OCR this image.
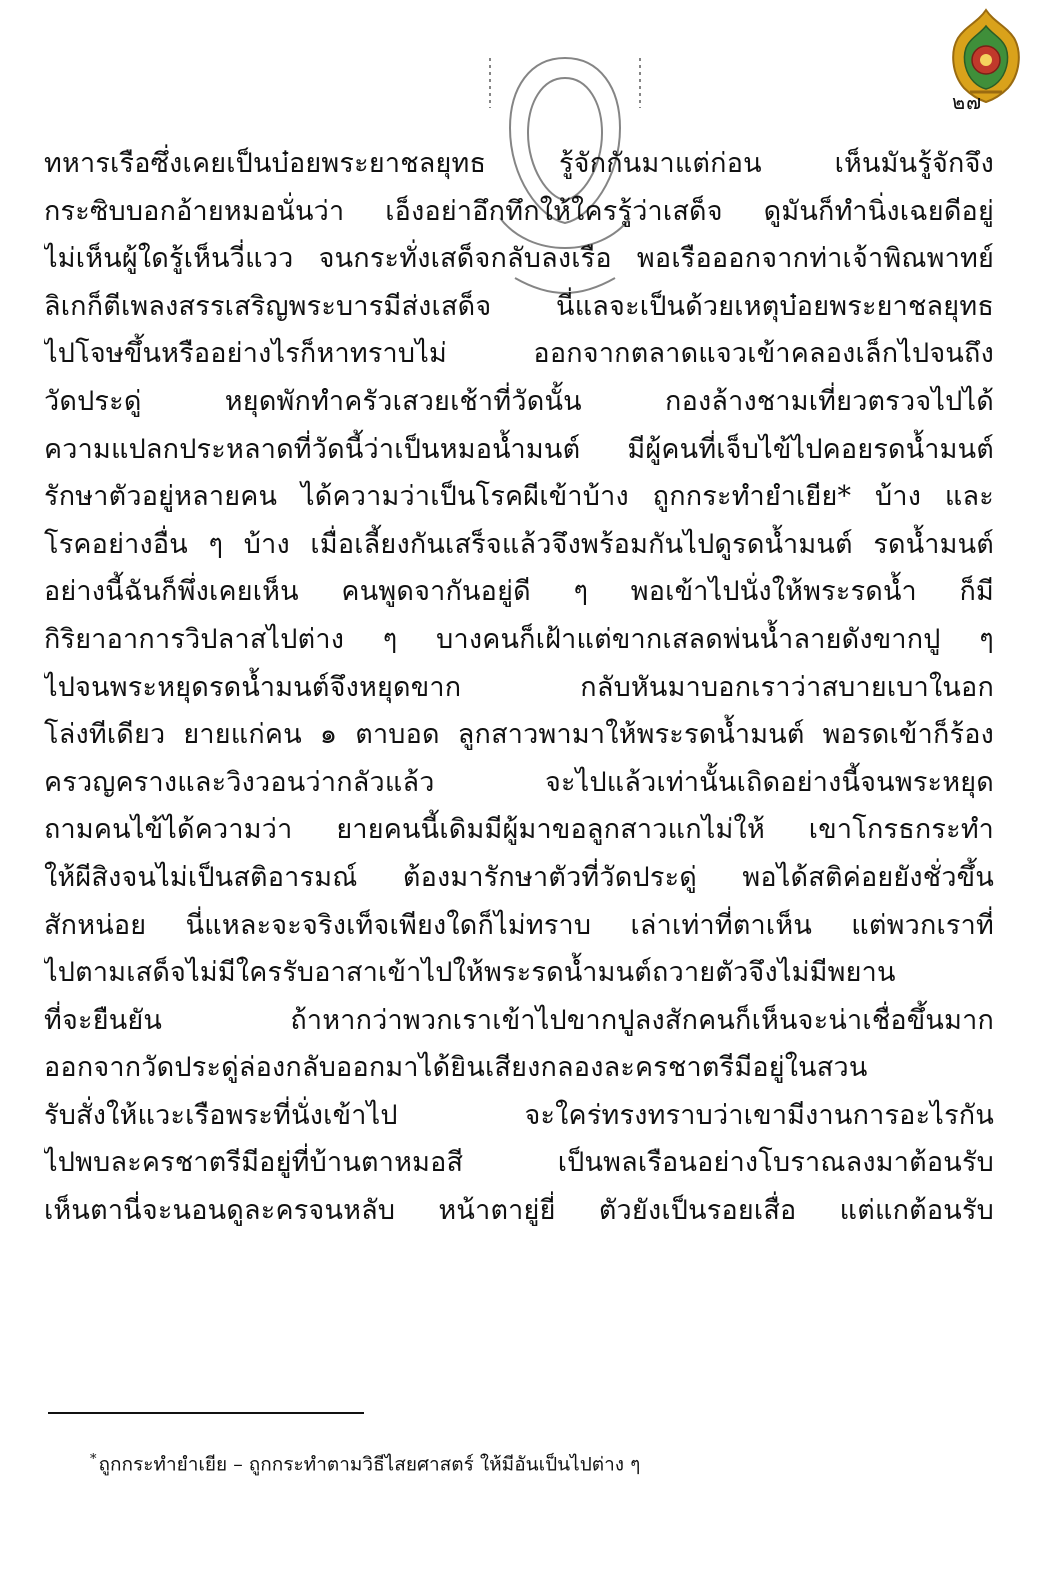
๒๗
ทหารเรือซึ่งเคยเป็นบ๋อยพระยาชลยุทธ รู้จักกันมาแต่ก่อน เห็นมันรู้จักจึง
กระซิบบอกอ้ายหมอนั่นว่า เอ็งอย่าอึกทึกให้ใครรู้ว่าเสด็จ ดูมันก็ทำนิ่งเฉยดีอยู่
ไม่เห็นผู้ใดรู้เห็นวี่แวว จนกระทั่งเสด็จกลับลงเรือ พอเรือออกจากท่าเจ้าพิณพาทย์
ลิเกก็ตีเพลงสรรเสริญพระบารมีส่งเสด็จ นี่แลจะเป็นด้วยเหตุบ๋อยพระยาชลยุทธ
ไปโจษขึ้นหรืออย่างไรก็หาทราบไม่ ออกจากตลาดแจวเข้าคลองเล็กไปจนถึง
วัดประดู่ หยุดพักทำครัวเสวยเช้าที่วัดนั้น กองล้างชามเที่ยวตรวจไปได้
ความแปลกประหลาดที่วัดนี้ว่าเป็นหมอน้ำมนต์ มีผู้คนที่เจ็บไข้ไปคอยรดน้ำมนต์
รักษาตัวอยู่หลายคน ได้ความว่าเป็นโรคผีเข้าบ้าง ถูกกระทำยำเยีย* บ้าง และ
โรคอย่างอื่น ๆ บ้าง เมื่อเลี้ยงกันเสร็จแล้วจึงพร้อมกันไปดูรดน้ำมนต์ รดน้ำมนต์
อย่างนี้ฉันก็พึ่งเคยเห็น คนพูดจากันอยู่ดี ๆ พอเข้าไปนั่งให้พระรดน้ำ ก็มี
กิริยาอาการวิปลาสไปต่าง ๆ บางคนก็เฝ้าแต่ขากเสลดพ่นน้ำลายดังขากปู ๆ
ไปจนพระหยุดรดน้ำมนต์จึงหยุดขาก กลับหันมาบอกเราว่าสบายเบาในอก
โล่งทีเดียว ยายแก่คน ๑ ตาบอด ลูกสาวพามาให้พระรดน้ำมนต์ พอรดเข้าก็ร้อง
ครวญครางและวิงวอนว่ากลัวแล้ว จะไปแล้วเท่านั้นเถิดอย่างนี้จนพระหยุด
ถามคนไข้ได้ความว่า ยายคนนี้เดิมมีผู้มาขอลูกสาวแกไม่ให้ เขาโกรธกระทำ
ให้ผีสิงจนไม่เป็นสติอารมณ์ ต้องมารักษาตัวที่วัดประดู่ พอได้สติค่อยยังชั่วขึ้น
สักหน่อย นี่แหละจะจริงเท็จเพียงใดก็ไม่ทราบ เล่าเท่าที่ตาเห็น แต่พวกเราที่
ไปตามเสด็จไม่มีใครรับอาสาเข้าไปให้พระรดน้ำมนต์ถวายตัวจึงไม่มีพยาน
ที่จะยืนยัน ถ้าหากว่าพวกเราเข้าไปขากปูลงสักคนก็เห็นจะน่าเชื่อขึ้นมาก
ออกจากวัดประดู่ล่องกลับออกมาได้ยินเสียงกลองละครชาตรีมีอยู่ในสวน
รับสั่งให้แวะเรือพระที่นั่งเข้าไป จะใคร่ทรงทราบว่าเขามีงานการอะไรกัน
ไปพบละครชาตรีมีอยู่ที่บ้านตาหมอสี เป็นพลเรือนอย่างโบราณลงมาต้อนรับ
เห็นตานี่จะนอนดูละครจนหลับ หน้าตายู่ยี่ ตัวยังเป็นรอยเสื่อ แต่แกต้อนรับ
* ถูกกระทำยำเยีย – ถูกกระทำตามวิธีไสยศาสตร์ ให้มีอันเป็นไปต่าง ๆ
